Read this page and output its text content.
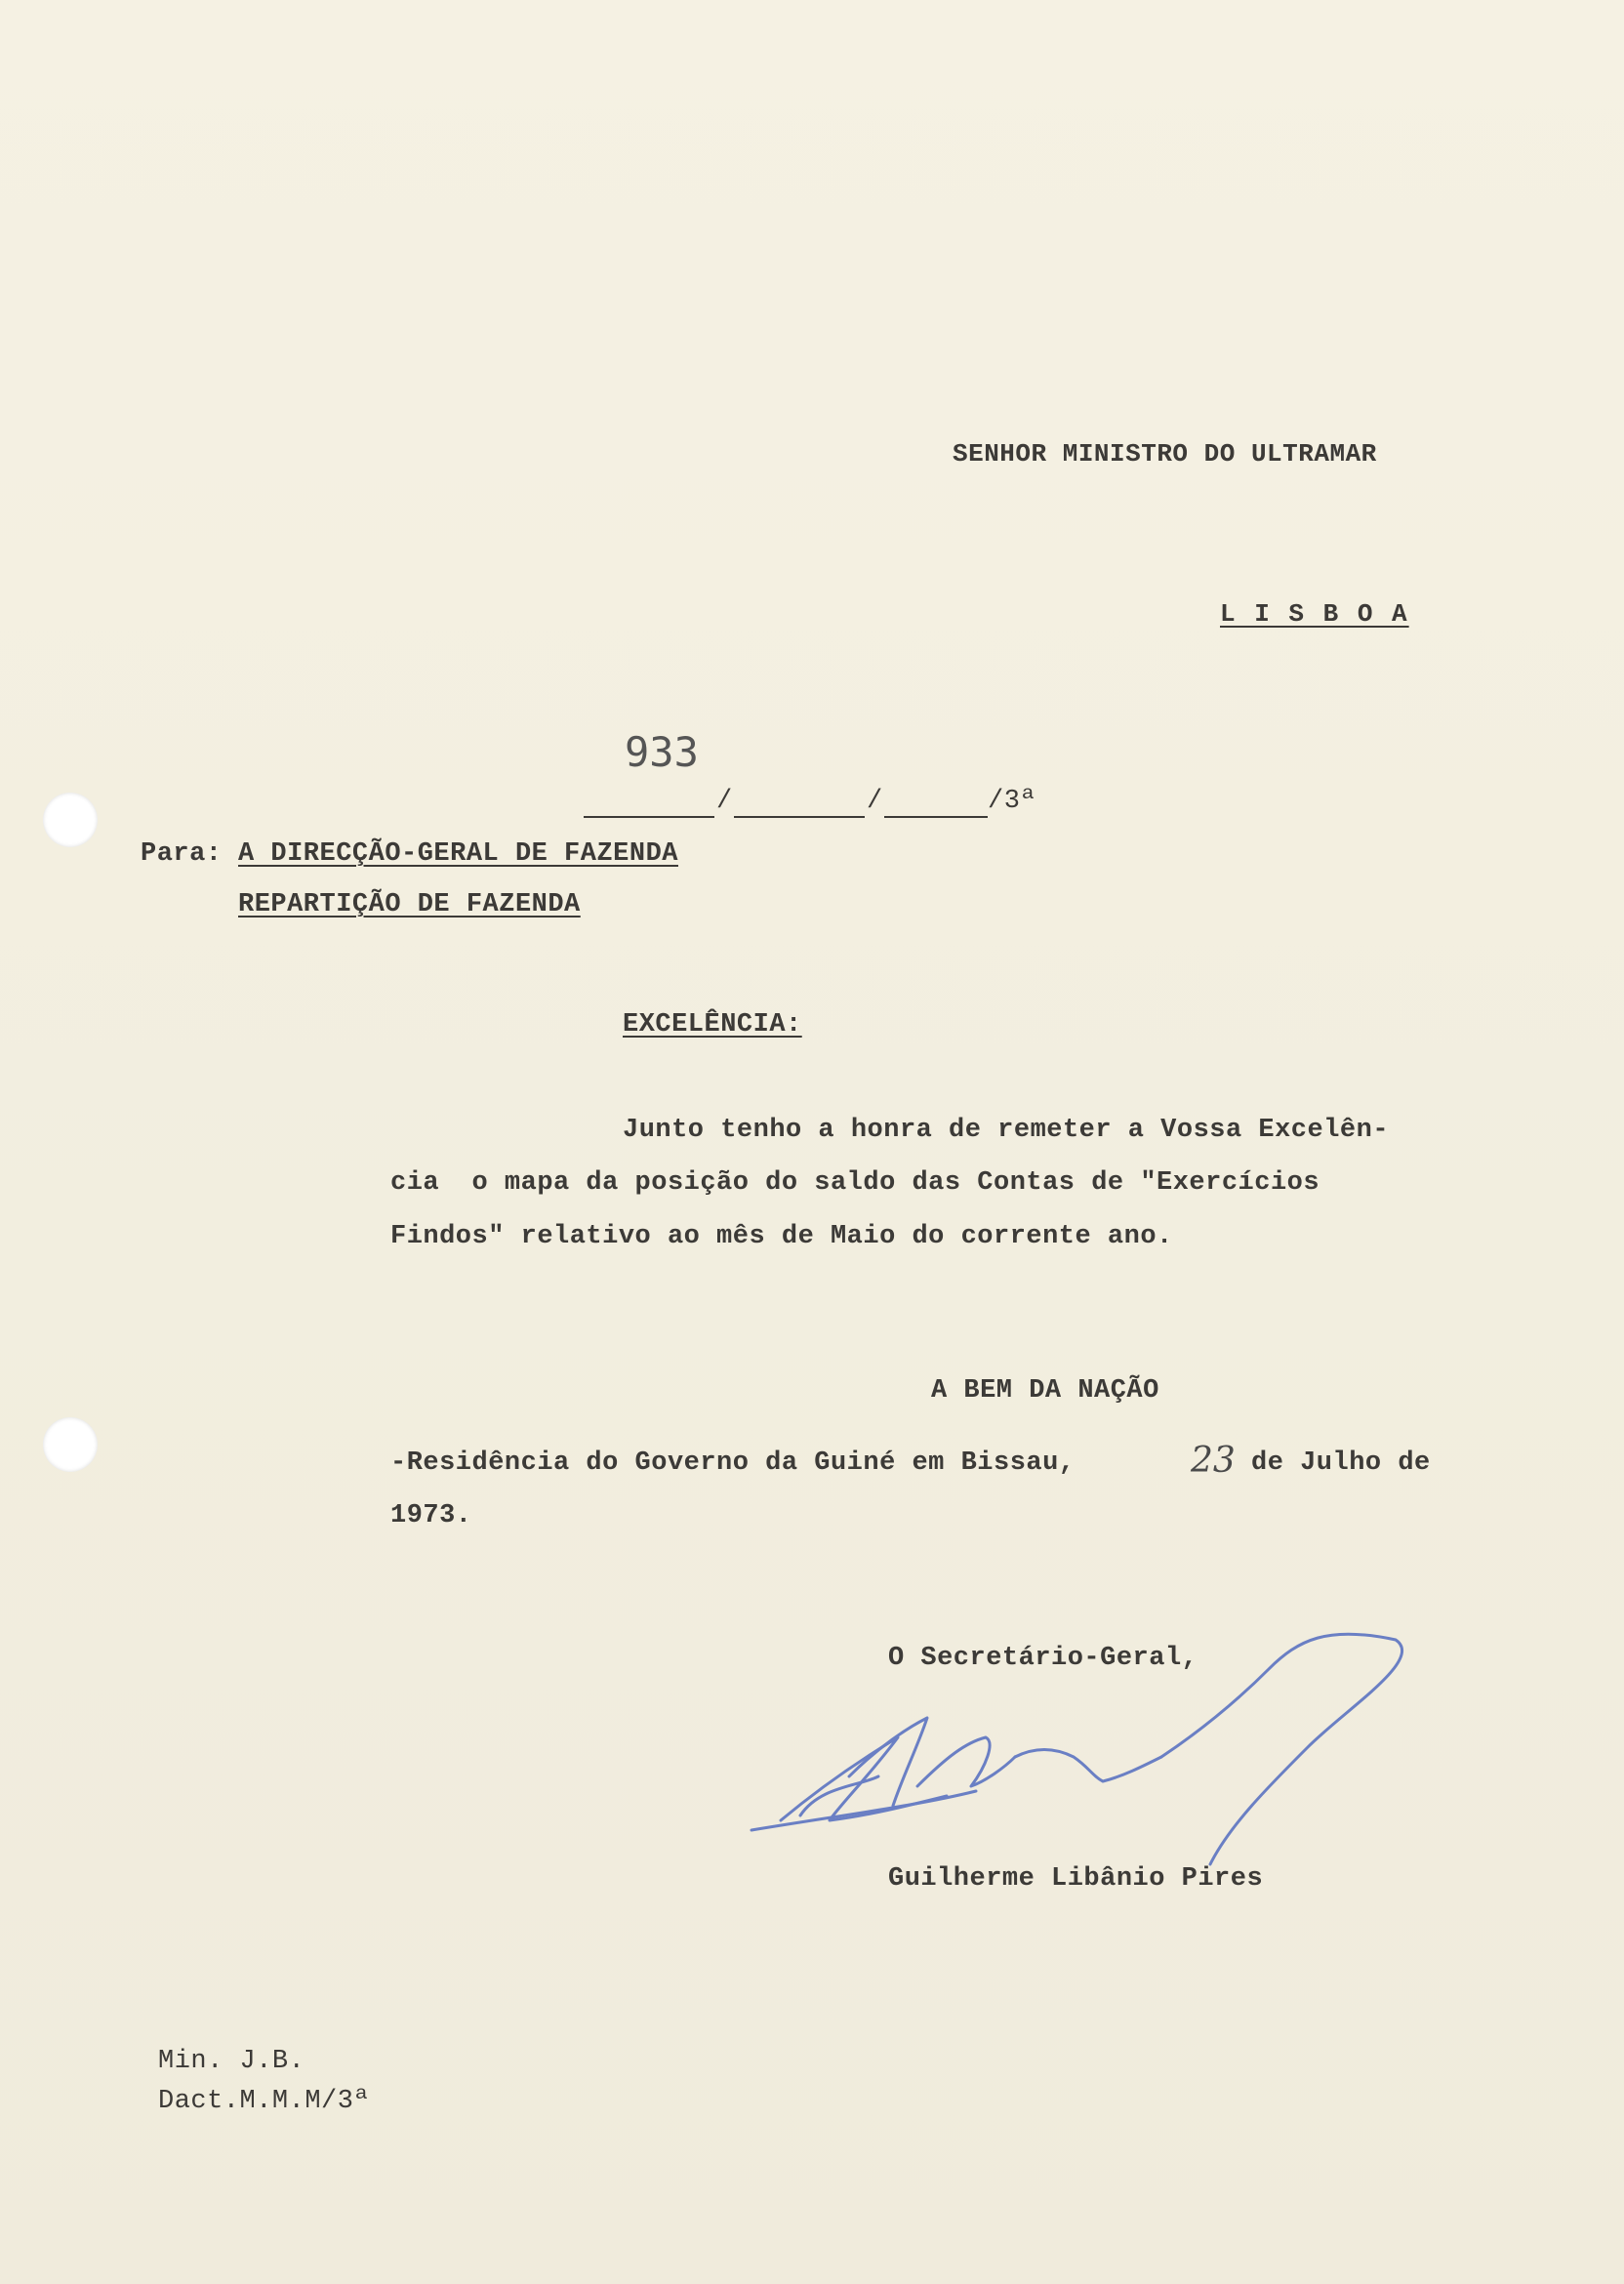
SENHOR MINISTRO DO ULTRAMAR
L I S B O A
933
/	/	/3ª
Para: A DIRECÇÃO-GERAL DE FAZENDA
REPARTIÇÃO DE FAZENDA
EXCELÊNCIA:
Junto tenho a honra de remeter a Vossa Excelên-
cia  o mapa da posição do saldo das Contas de "Exercícios
Findos" relativo ao mês de Maio do corrente ano.
A BEM DA NAÇÃO
-Residência do Governo da Guiné em Bissau,	23 de Julho de
1973.
O Secretário-Geral,
Guilherme Libânio Pires
Min. J.B.
Dact.M.M.M/3ª
